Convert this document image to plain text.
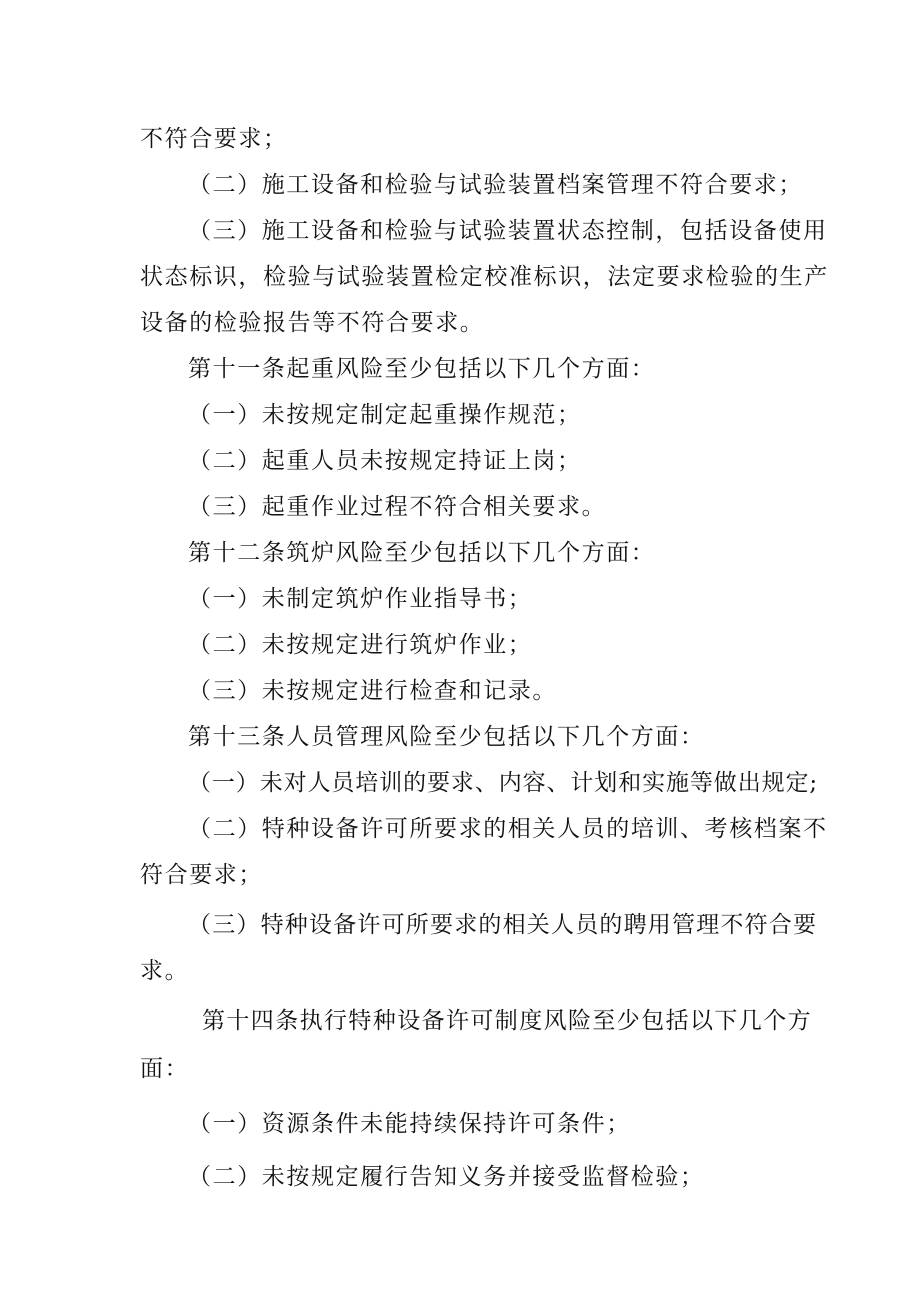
不符合要求；
（二）施工设备和检验与试验装置档案管理不符合要求；
（三）施工设备和检验与试验装置状态控制，包括设备使用
状态标识，检验与试验装置检定校准标识，法定要求检验的生产
设备的检验报告等不符合要求。
第十一条起重风险至少包括以下几个方面：
（一）未按规定制定起重操作规范；
（二）起重人员未按规定持证上岗；
（三）起重作业过程不符合相关要求。
第十二条筑炉风险至少包括以下几个方面：
（一）未制定筑炉作业指导书；
（二）未按规定进行筑炉作业；
（三）未按规定进行检查和记录。
第十三条人员管理风险至少包括以下几个方面：
（一）未对人员培训的要求、内容、计划和实施等做出规定;
（二）特种设备许可所要求的相关人员的培训、考核档案不
符合要求；
（三）特种设备许可所要求的相关人员的聘用管理不符合要
求。
第十四条执行特种设备许可制度风险至少包括以下几个方
面：
（一）资源条件未能持续保持许可条件；
（二）未按规定履行告知义务并接受监督检验；
